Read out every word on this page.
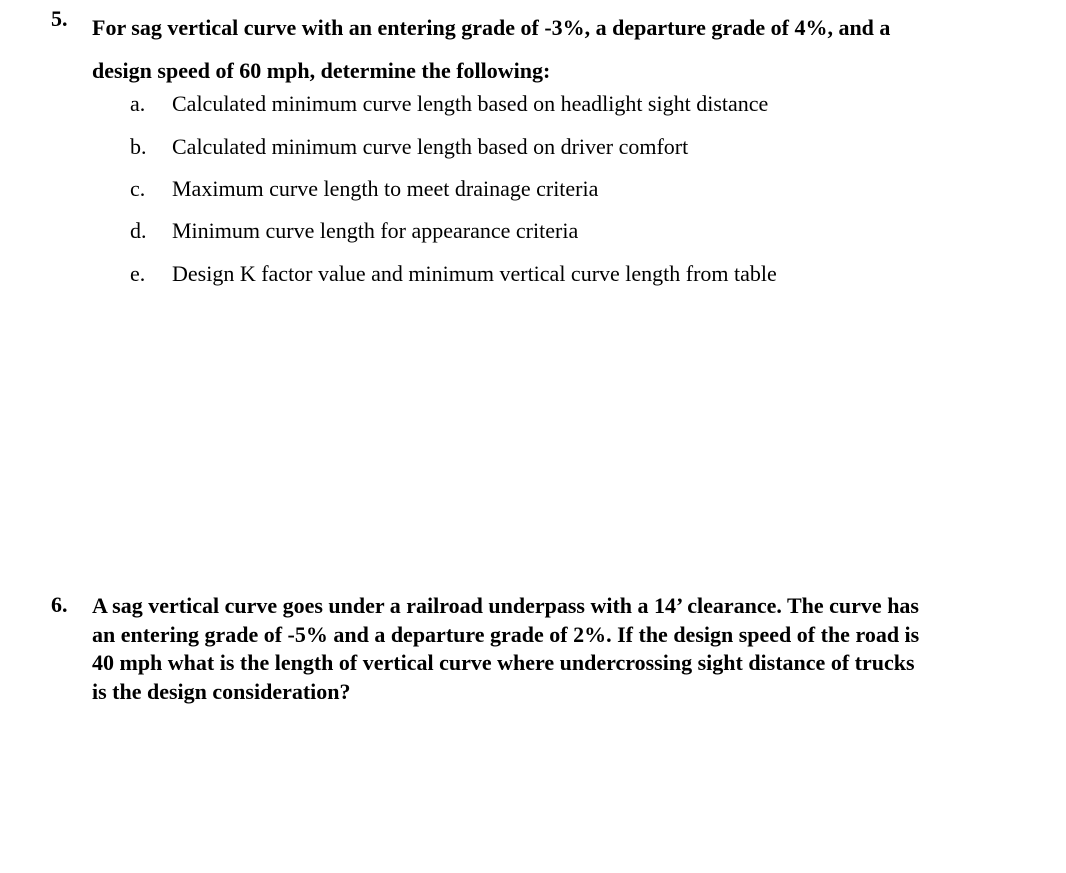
5. For sag vertical curve with an entering grade of -3%, a departure grade of 4%, and a
design speed of 60 mph, determine the following:
a. Calculated minimum curve length based on headlight sight distance
b. Calculated minimum curve length based on driver comfort
c. Maximum curve length to meet drainage criteria
d. Minimum curve length for appearance criteria
e. Design K factor value and minimum vertical curve length from table
6. A sag vertical curve goes under a railroad underpass with a 14’ clearance. The curve has
an entering grade of -5% and a departure grade of 2%. If the design speed of the road is
40 mph what is the length of vertical curve where undercrossing sight distance of trucks
is the design consideration?
